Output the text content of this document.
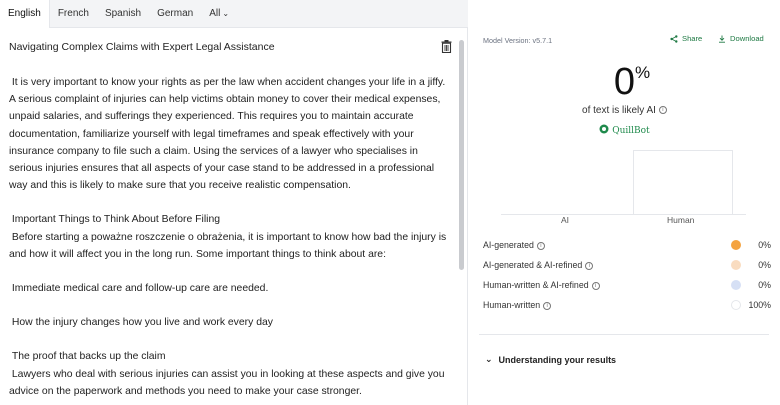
English	French	Spanish	German	All ⌄
Navigating Complex Claims with Expert Legal Assistance

It is very important to know your rights as per the law when accident changes your life in a jiffy. A serious complaint of injuries can help victims obtain money to cover their medical expenses, unpaid salaries, and sufferings they experienced. This requires you to maintain accurate documentation, familiarize yourself with legal timeframes and speak effectively with your insurance company to file such a claim. Using the services of a lawyer who specialises in serious injuries ensures that all aspects of your case stand to be addressed in a professional way and this is likely to make sure that you receive realistic compensation.

Important Things to Think About Before Filing
Before starting a poważne roszczenie o obrażenia, it is important to know how bad the injury is and how it will affect you in the long run. Some important things to think about are:

Immediate medical care and follow-up care are needed.

How the injury changes how you live and work every day

The proof that backs up the claim
Lawyers who deal with serious injuries can assist you in looking at these aspects and give you advice on the paperwork and methods you need to make your case stronger.

Model Version: v5.7.1	Share	Download
0 %
of text is likely AI i
QuillBot
AI	Human
AI-generated i	0%
AI-generated & AI-refined i	0%
Human-written & AI-refined i	0%
Human-written i	100%
⌄ Understanding your results
